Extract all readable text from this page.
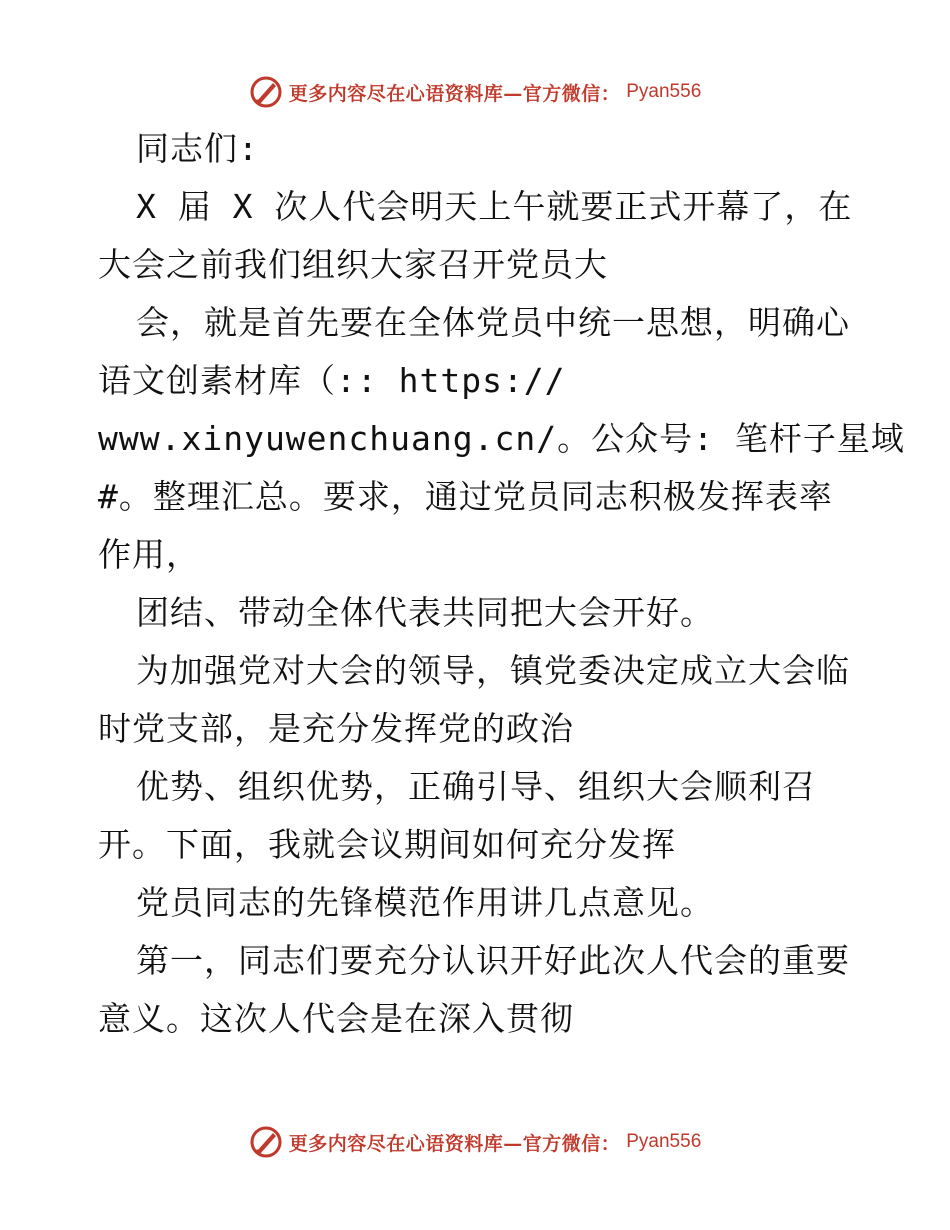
更多内容尽在心语资料库—官方微信： Pyan556
同志们:
X 届 X 次人代会明天上午就要正式开幕了，在
大会之前我们组织大家召开党员大
会，就是首先要在全体党员中统一思想，明确心
语文创素材库（:: https://
www.xinyuwenchuang.cn/。公众号: 笔杆子星域
#。整理汇总。要求，通过党员同志积极发挥表率
作用，
团结、带动全体代表共同把大会开好。
为加强党对大会的领导，镇党委决定成立大会临
时党支部，是充分发挥党的政治
优势、组织优势，正确引导、组织大会顺利召
开。下面，我就会议期间如何充分发挥
党员同志的先锋模范作用讲几点意见。
第一，同志们要充分认识开好此次人代会的重要
意义。这次人代会是在深入贯彻
更多内容尽在心语资料库—官方微信： Pyan556
